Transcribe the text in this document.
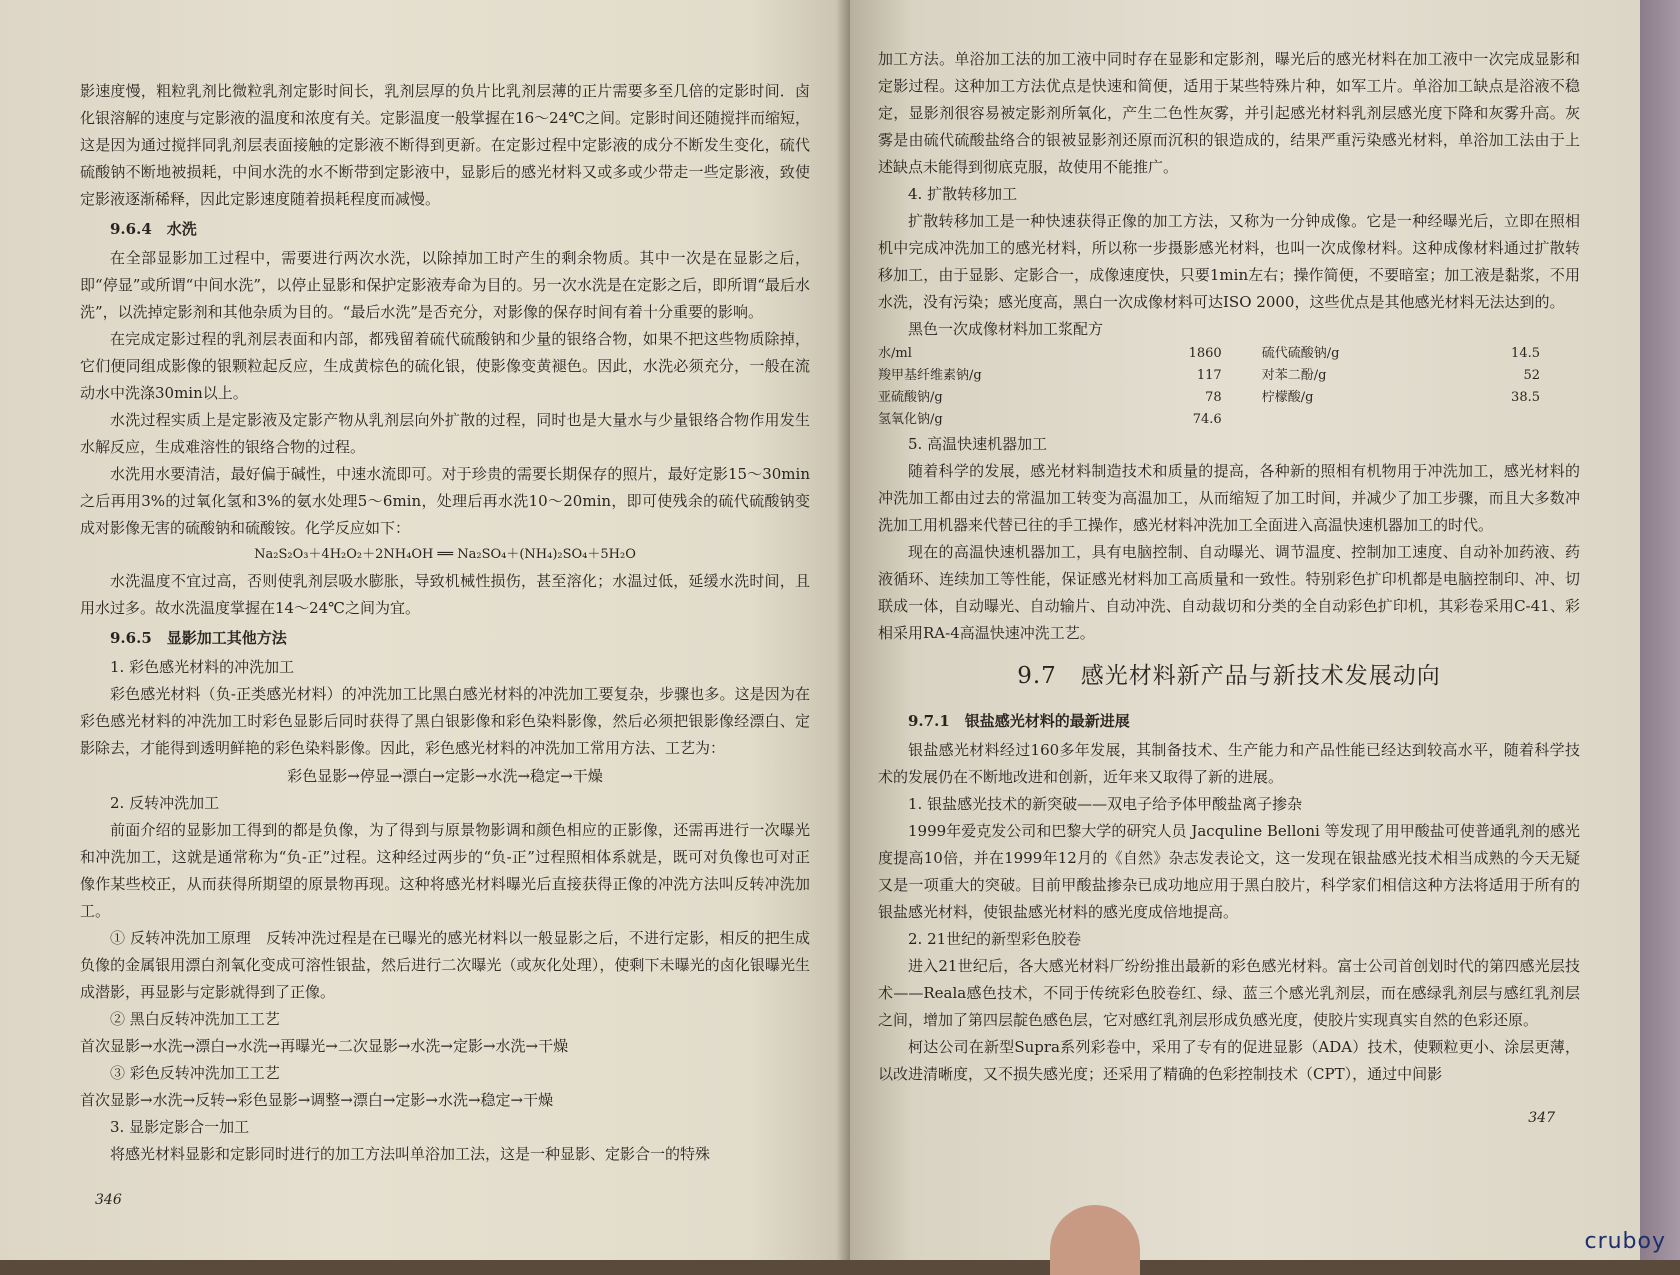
影速度慢，粗粒乳剂比微粒乳剂定影时间长，乳剂层厚的负片比乳剂层薄的正片需要多至几倍的定影时间．卤化银溶解的速度与定影液的温度和浓度有关。定影温度一般掌握在16～24℃之间。定影时间还随搅拌而缩短，这是因为通过搅拌同乳剂层表面接触的定影液不断得到更新。在定影过程中定影液的成分不断发生变化，硫代硫酸钠不断地被损耗，中间水洗的水不断带到定影液中，显影后的感光材料又或多或少带走一些定影液，致使定影液逐渐稀释，因此定影速度随着损耗程度而减慢。

9.6.4　水洗

在全部显影加工过程中，需要进行两次水洗，以除掉加工时产生的剩余物质。其中一次是在显影之后，即“停显”或所谓“中间水洗”，以停止显影和保护定影液寿命为目的。另一次水洗是在定影之后，即所谓“最后水洗”，以洗掉定影剂和其他杂质为目的。“最后水洗”是否充分，对影像的保存时间有着十分重要的影响。

在完成定影过程的乳剂层表面和内部，都残留着硫代硫酸钠和少量的银络合物，如果不把这些物质除掉，它们便同组成影像的银颗粒起反应，生成黄棕色的硫化银，使影像变黄褪色。因此，水洗必须充分，一般在流动水中洗涤30min以上。

水洗过程实质上是定影液及定影产物从乳剂层向外扩散的过程，同时也是大量水与少量银络合物作用发生水解反应，生成难溶性的银络合物的过程。

水洗用水要清洁，最好偏于碱性，中速水流即可。对于珍贵的需要长期保存的照片，最好定影15～30min之后再用3%的过氧化氢和3%的氨水处理5～6min，处理后再水洗10～20min，即可使残余的硫代硫酸钠变成对影像无害的硫酸钠和硫酸铵。化学反应如下：

Na₂S₂O₃＋4H₂O₂＋2NH₄OH ══ Na₂SO₄＋(NH₄)₂SO₄＋5H₂O

水洗温度不宜过高，否则使乳剂层吸水膨胀，导致机械性损伤，甚至溶化；水温过低，延缓水洗时间，且用水过多。故水洗温度掌握在14～24℃之间为宜。

9.6.5　显影加工其他方法

1. 彩色感光材料的冲洗加工

彩色感光材料（负-正类感光材料）的冲洗加工比黑白感光材料的冲洗加工要复杂，步骤也多。这是因为在彩色感光材料的冲洗加工时彩色显影后同时获得了黑白银影像和彩色染料影像，然后必须把银影像经漂白、定影除去，才能得到透明鲜艳的彩色染料影像。因此，彩色感光材料的冲洗加工常用方法、工艺为：

彩色显影→停显→漂白→定影→水洗→稳定→干燥

2. 反转冲洗加工

前面介绍的显影加工得到的都是负像，为了得到与原景物影调和颜色相应的正影像，还需再进行一次曝光和冲洗加工，这就是通常称为“负-正”过程。这种经过两步的“负-正”过程照相体系就是，既可对负像也可对正像作某些校正，从而获得所期望的原景物再现。这种将感光材料曝光后直接获得正像的冲洗方法叫反转冲洗加工。

① 反转冲洗加工原理　反转冲洗过程是在已曝光的感光材料以一般显影之后，不进行定影，相反的把生成负像的金属银用漂白剂氧化变成可溶性银盐，然后进行二次曝光（或灰化处理），使剩下未曝光的卤化银曝光生成潜影，再显影与定影就得到了正像。

② 黑白反转冲洗加工工艺

首次显影→水洗→漂白→水洗→再曝光→二次显影→水洗→定影→水洗→干燥

③ 彩色反转冲洗加工工艺

首次显影→水洗→反转→彩色显影→调整→漂白→定影→水洗→稳定→干燥

3. 显影定影合一加工

将感光材料显影和定影同时进行的加工方法叫单浴加工法，这是一种显影、定影合一的特殊

346

加工方法。单浴加工法的加工液中同时存在显影和定影剂，曝光后的感光材料在加工液中一次完成显影和定影过程。这种加工方法优点是快速和简便，适用于某些特殊片种，如军工片。单浴加工缺点是浴液不稳定，显影剂很容易被定影剂所氧化，产生二色性灰雾，并引起感光材料乳剂层感光度下降和灰雾升高。灰雾是由硫代硫酸盐络合的银被显影剂还原而沉积的银造成的，结果严重污染感光材料，单浴加工法由于上述缺点未能得到彻底克服，故使用不能推广。

4. 扩散转移加工

扩散转移加工是一种快速获得正像的加工方法，又称为一分钟成像。它是一种经曝光后，立即在照相机中完成冲洗加工的感光材料，所以称一步摄影感光材料，也叫一次成像材料。这种成像材料通过扩散转移加工，由于显影、定影合一，成像速度快，只要1min左右；操作简便，不要暗室；加工液是黏浆，不用水洗，没有污染；感光度高，黑白一次成像材料可达ISO 2000，这些优点是其他感光材料无法达到的。

黑色一次成像材料加工浆配方

水/ml	1860	硫代硫酸钠/g	14.5
羧甲基纤维素钠/g	117	对苯二酚/g	52
亚硫酸钠/g	78	柠檬酸/g	38.5
氢氧化钠/g	74.6		

5. 高温快速机器加工

随着科学的发展，感光材料制造技术和质量的提高，各种新的照相有机物用于冲洗加工，感光材料的冲洗加工都由过去的常温加工转变为高温加工，从而缩短了加工时间，并减少了加工步骤，而且大多数冲洗加工用机器来代替已往的手工操作，感光材料冲洗加工全面进入高温快速机器加工的时代。

现在的高温快速机器加工，具有电脑控制、自动曝光、调节温度、控制加工速度、自动补加药液、药液循环、连续加工等性能，保证感光材料加工高质量和一致性。特别彩色扩印机都是电脑控制印、冲、切联成一体，自动曝光、自动输片、自动冲洗、自动裁切和分类的全自动彩色扩印机，其彩卷采用C-41、彩相采用RA-4高温快速冲洗工艺。

9.7　感光材料新产品与新技术发展动向

9.7.1　银盐感光材料的最新进展

银盐感光材料经过160多年发展，其制备技术、生产能力和产品性能已经达到较高水平，随着科学技术的发展仍在不断地改进和创新，近年来又取得了新的进展。

1. 银盐感光技术的新突破——双电子给予体甲酸盐离子掺杂

1999年爱克发公司和巴黎大学的研究人员 Jacquline Belloni 等发现了用甲酸盐可使普通乳剂的感光度提高10倍，并在1999年12月的《自然》杂志发表论文，这一发现在银盐感光技术相当成熟的今天无疑又是一项重大的突破。目前甲酸盐掺杂已成功地应用于黑白胶片，科学家们相信这种方法将适用于所有的银盐感光材料，使银盐感光材料的感光度成倍地提高。

2. 21世纪的新型彩色胶卷

进入21世纪后，各大感光材料厂纷纷推出最新的彩色感光材料。富士公司首创划时代的第四感光层技术——Reala感色技术，不同于传统彩色胶卷红、绿、蓝三个感光乳剂层，而在感绿乳剂层与感红乳剂层之间，增加了第四层靛色感色层，它对感红乳剂层形成负感光度，使胶片实现真实自然的色彩还原。

柯达公司在新型Supra系列彩卷中，采用了专有的促进显影（ADA）技术，使颗粒更小、涂层更薄，以改进清晰度，又不损失感光度；还采用了精确的色彩控制技术（CPT），通过中间影

347
cruboy
